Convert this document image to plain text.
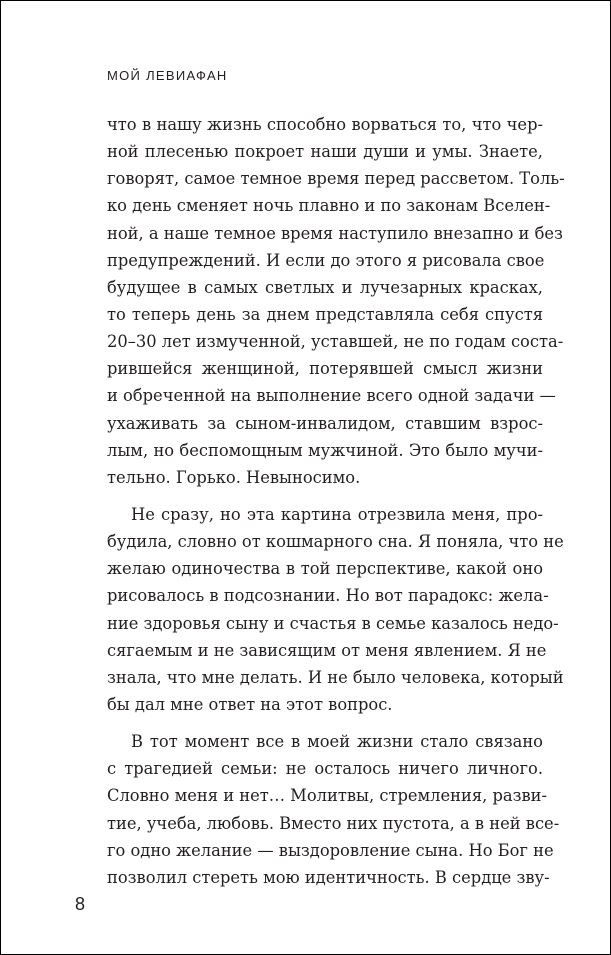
МОЙ ЛЕВИАФАН
что в нашу жизнь способно ворваться то, что чер-
ной плесенью покроет наши души и умы. Знаете,
говорят, самое темное время перед рассветом. Толь-
ко день сменяет ночь плавно и по законам Вселен-
ной, а наше темное время наступило внезапно и без
предупреждений. И если до этого я рисовала свое
будущее в самых светлых и лучезарных красках,
то теперь день за днем представляла себя спустя
20–30 лет измученной, уставшей, не по годам соста-
рившейся женщиной, потерявшей смысл жизни
и обреченной на выполнение всего одной задачи —
ухаживать за сыном-инвалидом, ставшим взрос-
лым, но беспомощным мужчиной. Это было мучи-
тельно. Горько. Невыносимо.
Не сразу, но эта картина отрезвила меня, про-
будила, словно от кошмарного сна. Я поняла, что не
желаю одиночества в той перспективе, какой оно
рисовалось в подсознании. Но вот парадокс: жела-
ние здоровья сыну и счастья в семье казалось недо-
сягаемым и не зависящим от меня явлением. Я не
знала, что мне делать. И не было человека, который
бы дал мне ответ на этот вопрос.
В тот момент все в моей жизни стало связано
с трагедией семьи: не осталось ничего личного.
Словно меня и нет… Молитвы, стремления, разви-
тие, учеба, любовь. Вместо них пустота, а в ней все-
го одно желание — выздоровление сына. Но Бог не
позволил стереть мою идентичность. В сердце зву-
8
